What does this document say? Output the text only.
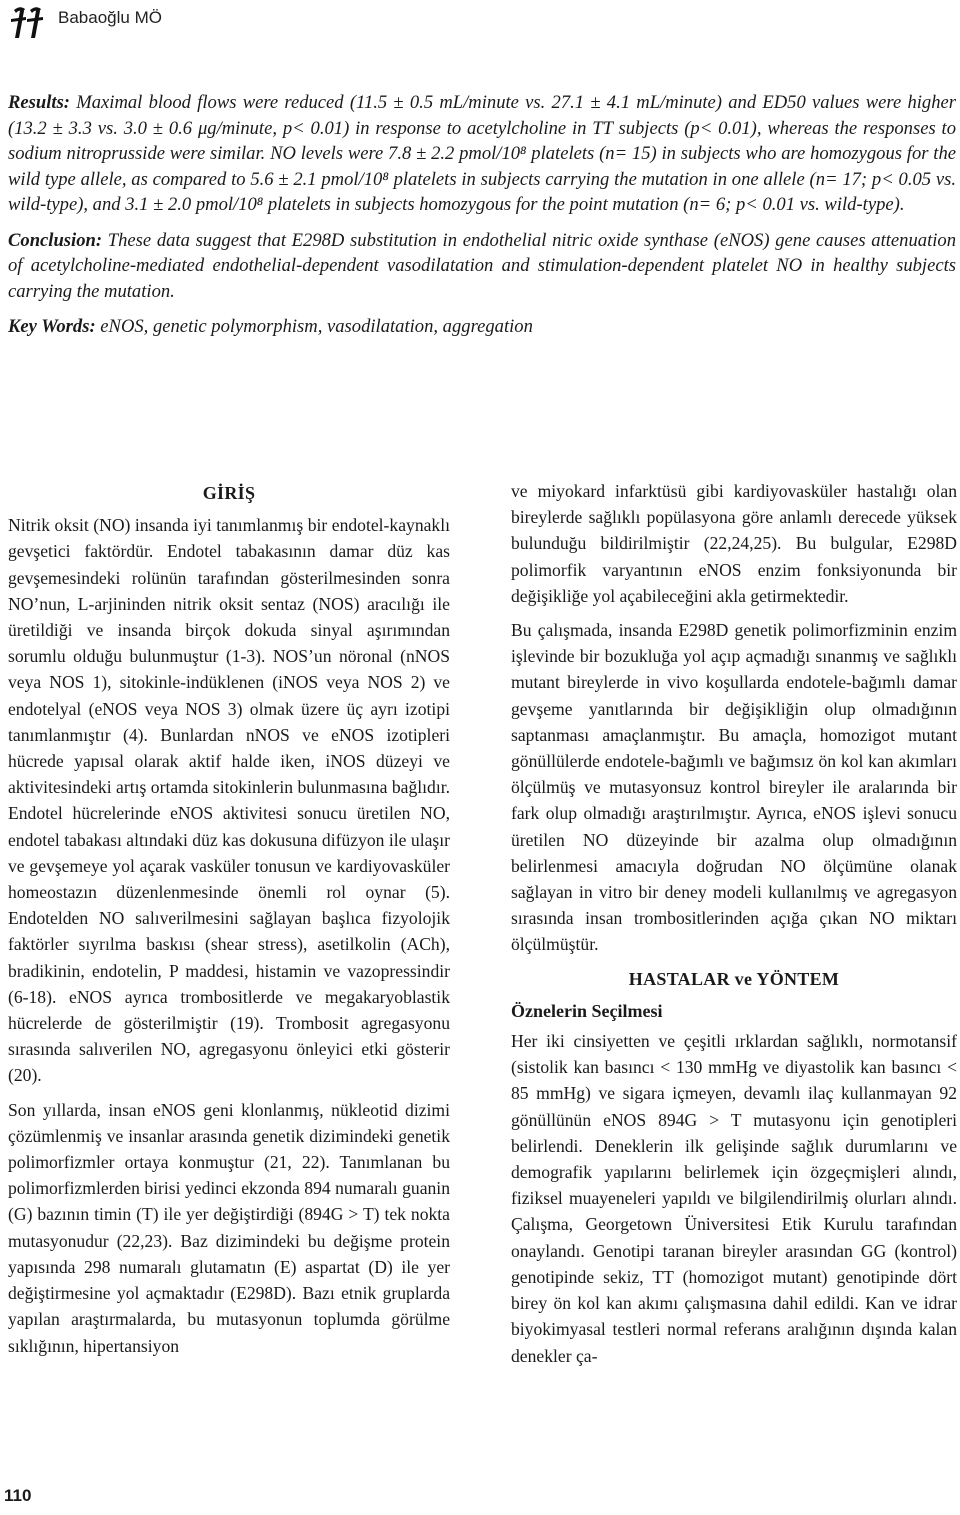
Babaoğlu MÖ

Results: Maximal blood flows were reduced (11.5 ± 0.5 mL/minute vs. 27.1 ± 4.1 mL/minute) and ED50 values were higher (13.2 ± 3.3 vs. 3.0 ± 0.6 μg/minute, p< 0.01) in response to acetylcholine in TT subjects (p< 0.01), whereas the responses to sodium nitroprusside were similar. NO levels were 7.8 ± 2.2 pmol/10⁸ platelets (n= 15) in subjects who are homozygous for the wild type allele, as compared to 5.6 ± 2.1 pmol/10⁸ platelets in subjects carrying the mutation in one allele (n= 17; p< 0.05 vs. wild-type), and 3.1 ± 2.0 pmol/10⁸ platelets in subjects homozygous for the point mutation (n= 6; p< 0.01 vs. wild-type).

Conclusion: These data suggest that E298D substitution in endothelial nitric oxide synthase (eNOS) gene causes attenuation of acetylcholine-mediated endothelial-dependent vasodilatation and stimulation-dependent platelet NO in healthy subjects carrying the mutation.

Key Words: eNOS, genetic polymorphism, vasodilatation, aggregation

GİRİŞ

Nitrik oksit (NO) insanda iyi tanımlanmış bir endotel-kaynaklı gevşetici faktördür. Endotel tabakasının damar düz kas gevşemesindeki rolünün tarafından gösterilmesinden sonra NO’nun, L-arjininden nitrik oksit sentaz (NOS) aracılığı ile üretildiği ve insanda birçok dokuda sinyal aşırımından sorumlu olduğu bulunmuştur (1-3). NOS’un nöronal (nNOS veya NOS 1), sitokinle-indüklenen (iNOS veya NOS 2) ve endotelyal (eNOS veya NOS 3) olmak üzere üç ayrı izotipi tanımlanmıştır (4). Bunlardan nNOS ve eNOS izotipleri hücrede yapısal olarak aktif halde iken, iNOS düzeyi ve aktivitesindeki artış ortamda sitokinlerin bulunmasına bağlıdır. Endotel hücrelerinde eNOS aktivitesi sonucu üretilen NO, endotel tabakası altındaki düz kas dokusuna difüzyon ile ulaşır ve gevşemeye yol açarak vasküler tonusun ve kardiyovasküler homeostazın düzenlenmesinde önemli rol oynar (5). Endotelden NO salıverilmesini sağlayan başlıca fizyolojik faktörler sıyrılma baskısı (shear stress), asetilkolin (ACh), bradikinin, endotelin, P maddesi, histamin ve vazopressindir (6-18). eNOS ayrıca trombositlerde ve megakaryoblastik hücrelerde de gösterilmiştir (19). Trombosit agregasyonu sırasında salıverilen NO, agregasyonu önleyici etki gösterir (20).

Son yıllarda, insan eNOS geni klonlanmış, nükleotid dizimi çözümlenmiş ve insanlar arasında genetik dizimindeki genetik polimorfizmler ortaya konmuştur (21, 22). Tanımlanan bu polimorfizmlerden birisi yedinci ekzonda 894 numaralı guanin (G) bazının timin (T) ile yer değiştirdiği (894G > T) tek nokta mutasyonudur (22,23). Baz dizimindeki bu değişme protein yapısında 298 numaralı glutamatın (E) aspartat (D) ile yer değiştirmesine yol açmaktadır (E298D). Bazı etnik gruplarda yapılan araştırmalarda, bu mutasyonun toplumda görülme sıklığının, hipertansiyon

ve miyokard infarktüsü gibi kardiyovasküler hastalığı olan bireylerde sağlıklı popülasyona göre anlamlı derecede yüksek bulunduğu bildirilmiştir (22,24,25). Bu bulgular, E298D polimorfik varyantının eNOS enzim fonksiyonunda bir değişikliğe yol açabileceğini akla getirmektedir.

Bu çalışmada, insanda E298D genetik polimorfizminin enzim işlevinde bir bozukluğa yol açıp açmadığı sınanmış ve sağlıklı mutant bireylerde in vivo koşullarda endotele-bağımlı damar gevşeme yanıtlarında bir değişikliğin olup olmadığının saptanması amaçlanmıştır. Bu amaçla, homozigot mutant gönüllülerde endotele-bağımlı ve bağımsız ön kol kan akımları ölçülmüş ve mutasyonsuz kontrol bireyler ile aralarında bir fark olup olmadığı araştırılmıştır. Ayrıca, eNOS işlevi sonucu üretilen NO düzeyinde bir azalma olup olmadığının belirlenmesi amacıyla doğrudan NO ölçümüne olanak sağlayan in vitro bir deney modeli kullanılmış ve agregasyon sırasında insan trombositlerinden açığa çıkan NO miktarı ölçülmüştür.

HASTALAR ve YÖNTEM
Öznelerin Seçilmesi

Her iki cinsiyetten ve çeşitli ırklardan sağlıklı, normotansif (sistolik kan basıncı < 130 mmHg ve diyastolik kan basıncı < 85 mmHg) ve sigara içmeyen, devamlı ilaç kullanmayan 92 gönüllünün eNOS 894G > T mutasyonu için genotipleri belirlendi. Deneklerin ilk gelişinde sağlık durumlarını ve demografik yapılarını belirlemek için özgeçmişleri alındı, fiziksel muayeneleri yapıldı ve bilgilendirilmiş olurları alındı. Çalışma, Georgetown Üniversitesi Etik Kurulu tarafından onaylandı. Genotipi taranan bireyler arasından GG (kontrol) genotipinde sekiz, TT (homozigot mutant) genotipinde dört birey ön kol kan akımı çalışmasına dahil edildi. Kan ve idrar biyokimyasal testleri normal referans aralığının dışında kalan denekler ça-

110
